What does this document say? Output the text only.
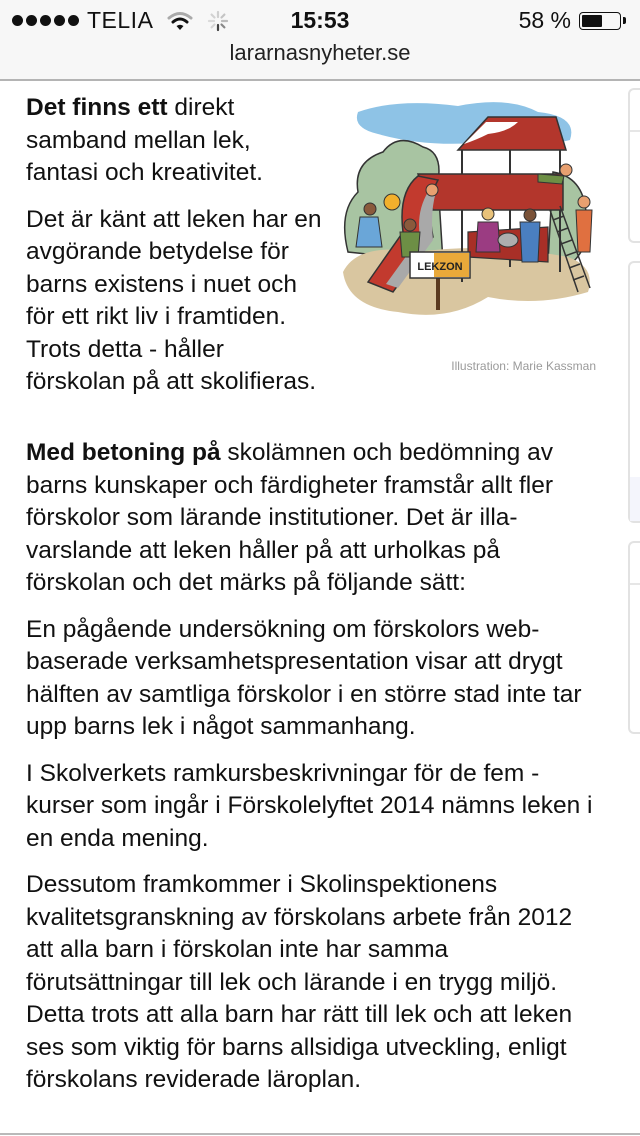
TELIA	15:53	58 %
lararnasnyheter.se

Det finns ett direkt samband mellan lek, fantasi och kreativitet.

Det är känt att leken har en avgörande betydelse för barns existens i nuet och för ett rikt liv i framtiden. Trots detta - håller förskolan på att skolifieras.

LEKZON
Illustration: Marie Kassman

Med betoning på skolämnen och bedömning av barns kunskaper och färdigheter framstår allt fler förskolor som lärande institutioner. Det är illa-varslande att leken håller på att urholkas på förskolan och det märks på följande sätt:

En pågående undersökning om förskolors web-baserade verksamhetspresentation visar att drygt hälften av samtliga förskolor i en större stad inte tar upp barns lek i något sammanhang.

I Skolverkets ramkursbeskrivningar för de fem -kurser som ingår i Förskolelyftet 2014 nämns leken i en enda mening.

Dessutom framkommer i Skolinspektionens kvalitetsgranskning av förskolans arbete från 2012 att alla barn i förskolan inte har samma förutsättningar till lek och lärande i en trygg miljö. Detta trots att alla barn har rätt till lek och att leken ses som viktig för barns allsidiga utveckling, enligt förskolans reviderade läroplan.
